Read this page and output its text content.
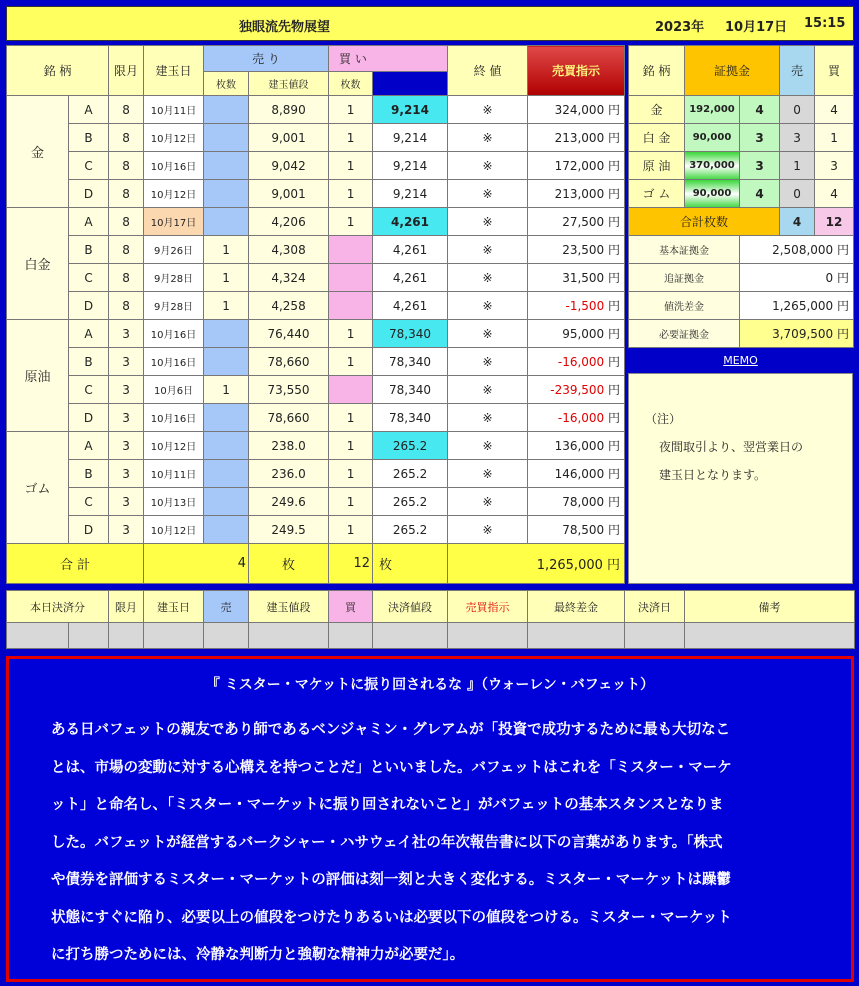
独眼流先物展望	2023年 10月17日 15:15
銘 柄		限月	建玉日	売 り		買 い		終 値	売買指示	
				枚数	建玉値段	枚数				
金	A	8	10月11日		8,890	1	9,214	※	324,000 円	
	B	8	10月12日		9,001	1	9,214	※	213,000 円	
	C	8	10月16日		9,042	1	9,214	※	172,000 円	
	D	8	10月12日		9,001	1	9,214	※	213,000 円	
白金	A	8	10月17日		4,206	1	4,261	※	27,500 円	
	B	8	9月26日	1	4,308		4,261	※	23,500 円	
	C	8	9月28日	1	4,324		4,261	※	31,500 円	
	D	8	9月28日	1	4,258		4,261	※	-1,500 円	
原油	A	3	10月16日		76,440	1	78,340	※	95,000 円	
	B	3	10月16日		78,660	1	78,340	※	-16,000 円	
	C	3	10月6日	1	73,550		78,340	※	-239,500 円	
	D	3	10月16日		78,660	1	78,340	※	-16,000 円	
ゴム	A	3	10月12日		238.0	1	265.2	※	136,000 円	
	B	3	10月11日		236.0	1	265.2	※	146,000 円	
	C	3	10月13日		249.6	1	265.2	※	78,000 円	
	D	3	10月12日		249.5	1	265.2	※	78,500 円	
合 計			4		枚	12	枚	1,265,000 円		
銘 柄	証拠金		売	買
金	192,000	4	0	4
白 金	90,000	3	3	1
原 油	370,000	3	1	3
ゴ ム	90,000	4	0	4
合計枚数			4	12
基本証拠金		2,508,000 円		
追証拠金		0 円		
値洗差金		1,265,000 円		
必要証拠金		3,709,500 円		
MEMO
（注）
夜間取引より、翌営業日の
建玉日となります。
本日決済分		限月	建玉日	売	建玉値段	買	決済値段	売買指示	最終差金	決済日	備考

『 ミスター・マケットに振り回されるな 』（ウォーレン・バフェット）
ある日バフェットの親友であり師であるベンジャミン・グレアムが「投資で成功するために最も大切なこ
とは、市場の変動に対する心構えを持つことだ」といいました。バフェットはこれを「ミスター・マーケ
ット」と命名し、「ミスター・マーケットに振り回されないこと」がバフェットの基本スタンスとなりま
した。バフェットが経営するバークシャー・ハサウェイ社の年次報告書に以下の言葉があります。「株式
や債券を評価するミスター・マーケットの評価は刻一刻と大きく変化する。ミスター・マーケットは躁鬱
状態にすぐに陥り、必要以上の値段をつけたりあるいは必要以下の値段をつける。ミスター・マーケット
に打ち勝つためには、冷静な判断力と強靭な精神力が必要だ」。
